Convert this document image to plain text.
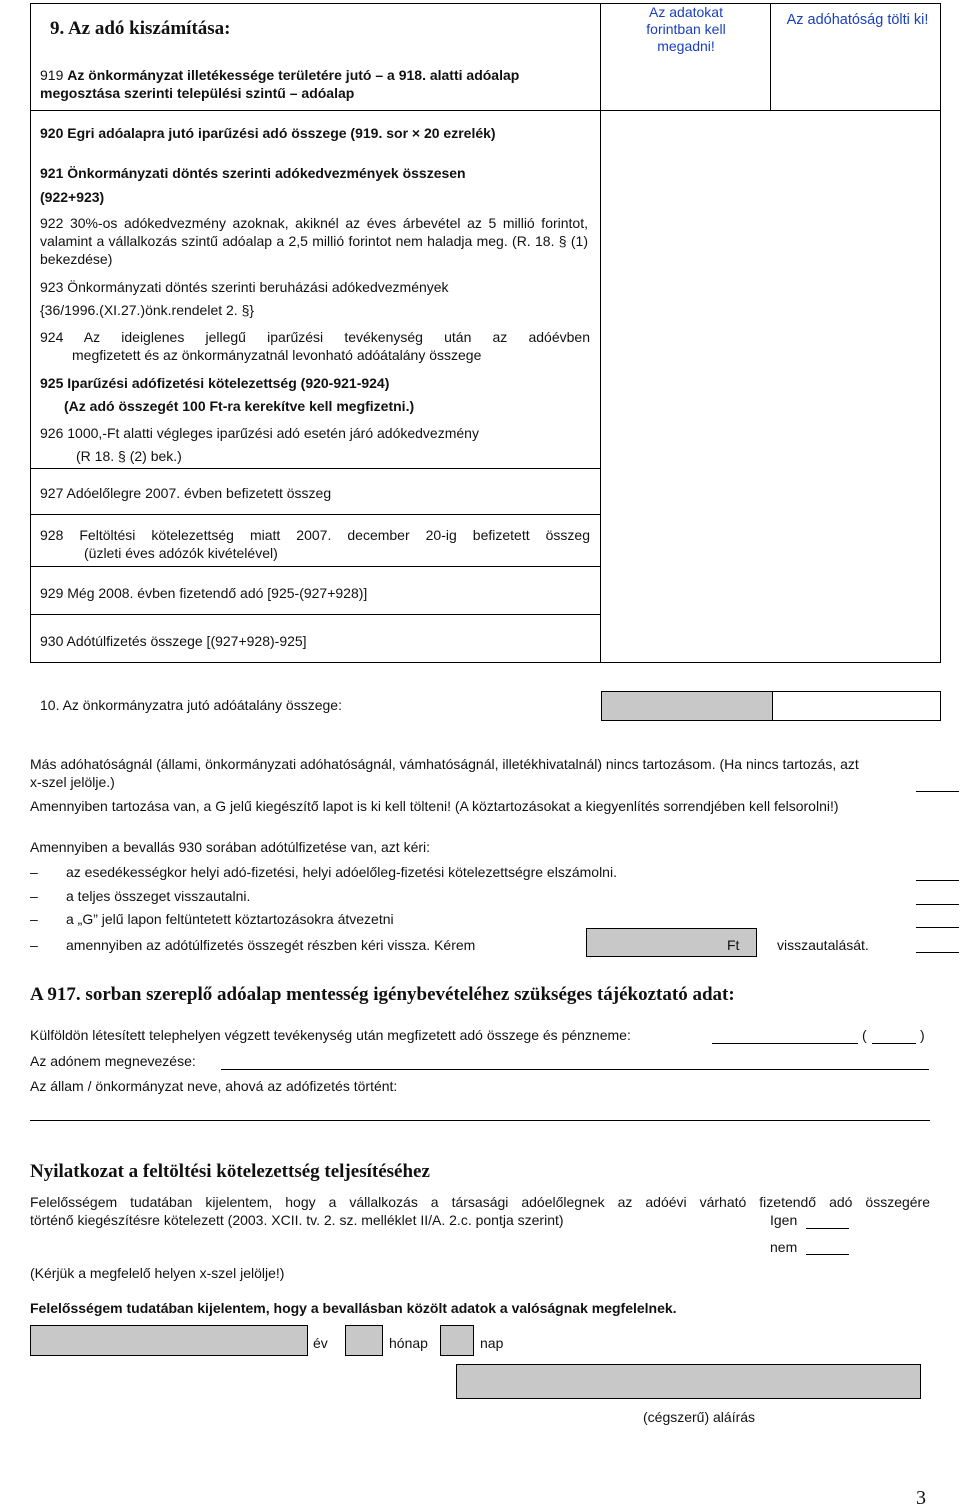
9. Az adó kiszámítása:
Az adatokat forintban kell megadni!
Az adóhatóság tölti ki!
919 Az önkormányzat illetékessége területére jutó – a 918. alatti adóalap megosztása szerinti települési szintű – adóalap
920 Egri adóalapra jutó iparűzési adó összege (919. sor × 20 ezrelék)
921 Önkormányzati döntés szerinti adókedvezmények összesen
(922+923)
922 30%-os adókedvezmény azoknak, akiknél az éves árbevétel az 5 millió forintot, valamint a vállalkozás szintű adóalap a 2,5 millió forintot nem haladja meg. (R. 18. § (1) bekezdése)
923 Önkormányzati döntés szerinti beruházási adókedvezmények
{36/1996.(XI.27.)önk.rendelet 2. §}
924 Az ideiglenes jellegű iparűzési tevékenység után az adóévben
megfizetett és az önkormányzatnál levonható adóátalány összege
925 Iparűzési adófizetési kötelezettség (920-921-924)
(Az adó összegét 100 Ft-ra kerekítve kell megfizetni.)
926 1000,-Ft alatti végleges iparűzési adó esetén járó adókedvezmény
(R 18. § (2) bek.)
927 Adóelőlegre 2007. évben befizetett összeg
928 Feltöltési kötelezettség miatt 2007. december 20-ig befizetett összeg
(üzleti éves adózók kivételével)
929 Még 2008. évben fizetendő adó [925-(927+928)]
930 Adótúlfizetés összege [(927+928)-925]
10. Az önkormányzatra jutó adóátalány összege:
Más adóhatóságnál (állami, önkormányzati adóhatóságnál, vámhatóságnál, illetékhivatalnál) nincs tartozásom. (Ha nincs tartozás, azt x-szel jelölje.)
Amennyiben tartozása van, a G jelű kiegészítő lapot is ki kell tölteni! (A köztartozásokat a kiegyenlítés sorrendjében kell felsorolni!)
Amennyiben a bevallás 930 sorában adótúlfizetése van, azt kéri:
– az esedékességkor helyi adó-fizetési, helyi adóelőleg-fizetési kötelezettségre elszámolni.
– a teljes összeget visszautalni.
– a „G” jelű lapon feltüntetett köztartozásokra átvezetni
– amennyiben az adótúlfizetés összegét részben kéri vissza. Kérem	Ft	visszautalását.
A 917. sorban szereplő adóalap mentesség igénybevételéhez szükséges tájékoztató adat:
Külföldön létesített telephelyen végzett tevékenység után megfizetett adó összege és pénzneme:	(	)
Az adónem megnevezése:
Az állam / önkormányzat neve, ahová az adófizetés történt:
Nyilatkozat a feltöltési kötelezettség teljesítéséhez
Felelősségem tudatában kijelentem, hogy a vállalkozás a társasági adóelőlegnek az adóévi várható fizetendő adó összegére
történő kiegészítésre kötelezett (2003. XCII. tv. 2. sz. melléklet II/A. 2.c. pontja szerint)	Igen
nem
(Kérjük a megfelelő helyen x-szel jelölje!)
Felelősségem tudatában kijelentem, hogy a bevallásban közölt adatok a valóságnak megfelelnek.
év	hónap	nap
(cégszerű) aláírás
3
